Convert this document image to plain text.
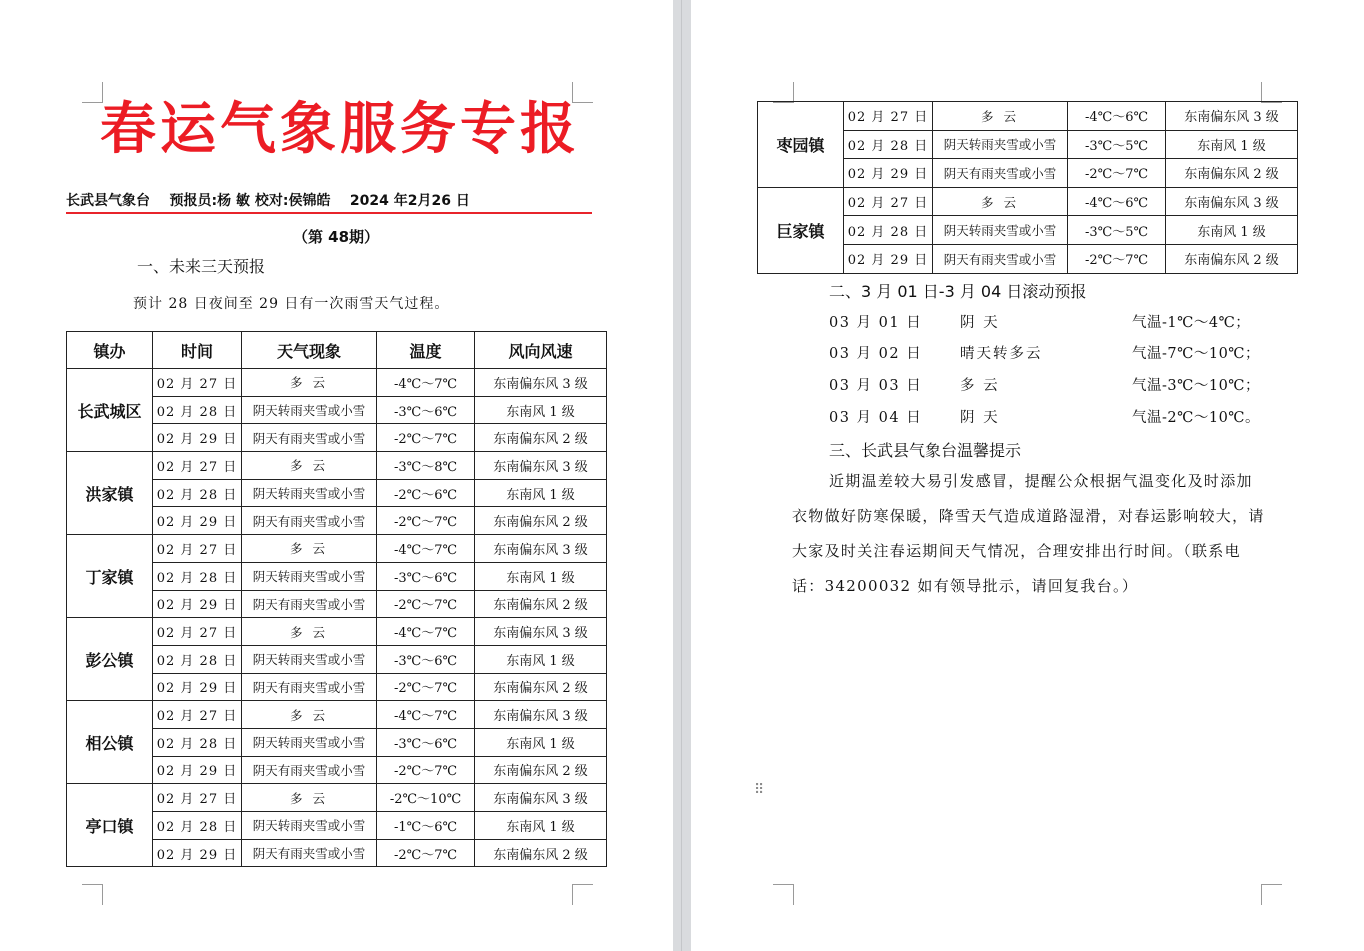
春运气象服务专报
长武县气象台    预报员:杨 敏 校对:侯锦皓    2024 年2月26 日
（第 48期）
一、未来三天预报
预计 28 日夜间至 29 日有一次雨雪天气过程。
镇办	时间	天气现象	温度	风向风速
长武城区	02 月 27 日	多 云	-4℃～7℃	东南偏东风 3 级
	02 月 28 日	阴天转雨夹雪或小雪	-3℃～6℃	东南风 1 级
	02 月 29 日	阴天有雨夹雪或小雪	-2℃～7℃	东南偏东风 2 级
洪家镇	02 月 27 日	多 云	-3℃～8℃	东南偏东风 3 级
	02 月 28 日	阴天转雨夹雪或小雪	-2℃～6℃	东南风 1 级
	02 月 29 日	阴天有雨夹雪或小雪	-2℃～7℃	东南偏东风 2 级
丁家镇	02 月 27 日	多 云	-4℃～7℃	东南偏东风 3 级
	02 月 28 日	阴天转雨夹雪或小雪	-3℃～6℃	东南风 1 级
	02 月 29 日	阴天有雨夹雪或小雪	-2℃～7℃	东南偏东风 2 级
彭公镇	02 月 27 日	多 云	-4℃～7℃	东南偏东风 3 级
	02 月 28 日	阴天转雨夹雪或小雪	-3℃～6℃	东南风 1 级
	02 月 29 日	阴天有雨夹雪或小雪	-2℃～7℃	东南偏东风 2 级
相公镇	02 月 27 日	多 云	-4℃～7℃	东南偏东风 3 级
	02 月 28 日	阴天转雨夹雪或小雪	-3℃～6℃	东南风 1 级
	02 月 29 日	阴天有雨夹雪或小雪	-2℃～7℃	东南偏东风 2 级
亭口镇	02 月 27 日	多 云	-2℃～10℃	东南偏东风 3 级
	02 月 28 日	阴天转雨夹雪或小雪	-1℃～6℃	东南风 1 级
	02 月 29 日	阴天有雨夹雪或小雪	-2℃～7℃	东南偏东风 2 级
枣园镇	02 月 27 日	多 云	-4℃～6℃	东南偏东风 3 级
	02 月 28 日	阴天转雨夹雪或小雪	-3℃～5℃	东南风 1 级
	02 月 29 日	阴天有雨夹雪或小雪	-2℃～7℃	东南偏东风 2 级
巨家镇	02 月 27 日	多 云	-4℃～6℃	东南偏东风 3 级
	02 月 28 日	阴天转雨夹雪或小雪	-3℃～5℃	东南风 1 级
	02 月 29 日	阴天有雨夹雪或小雪	-2℃～7℃	东南偏东风 2 级
二、3 月 01 日-3 月 04 日滚动预报
03 月 01 日	阴 天	气温-1℃～4℃；
03 月 02 日	晴天转多云	气温-7℃～10℃；
03 月 03 日	多 云	气温-3℃～10℃；
03 月 04 日	阴 天	气温-2℃～10℃。
三、长武县气象台温馨提示
近期温差较大易引发感冒，提醒公众根据气温变化及时添加衣物做好防寒保暖，降雪天气造成道路湿滑，对春运影响较大，请大家及时关注春运期间天气情况，合理安排出行时间。（联系电话：34200032 如有领导批示，请回复我台。）
⠿
